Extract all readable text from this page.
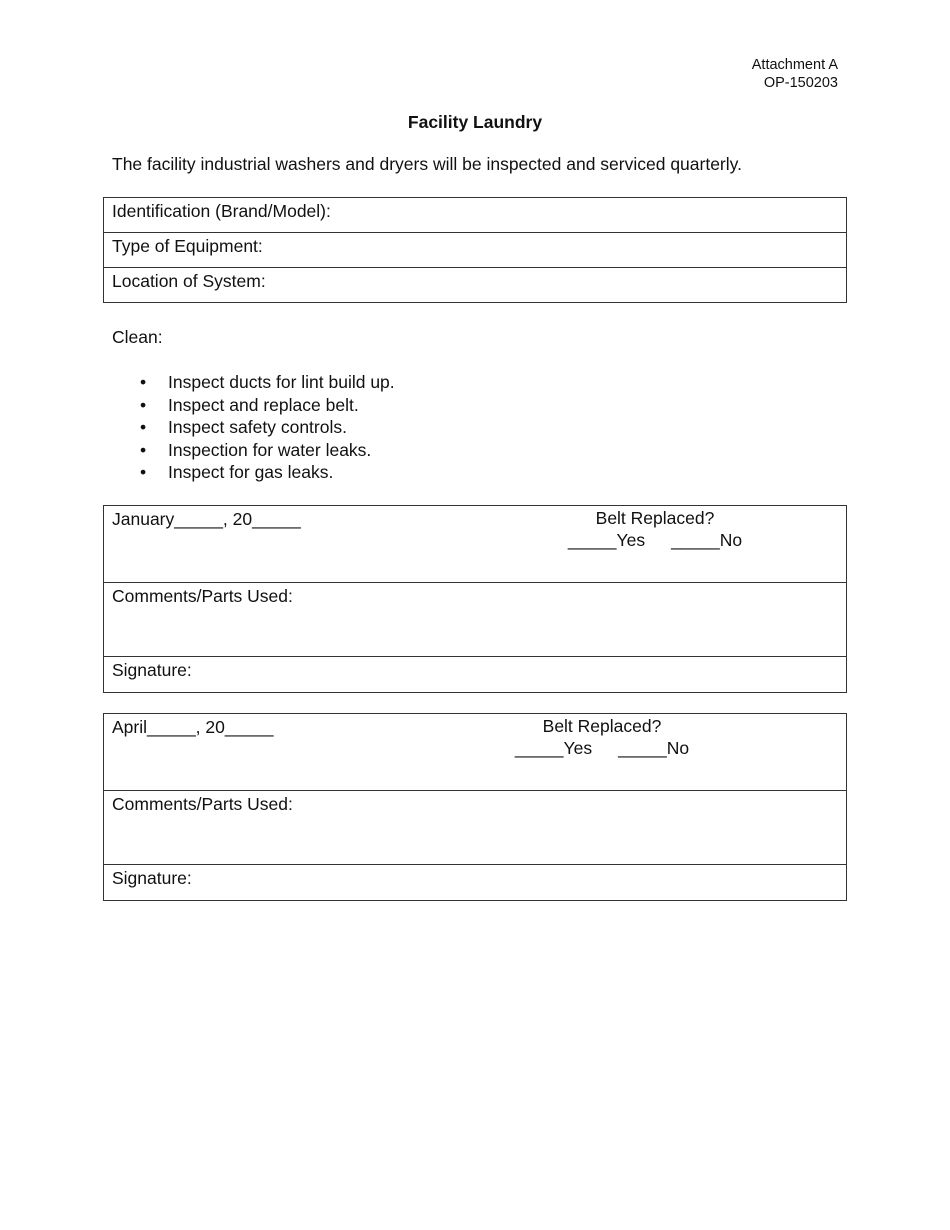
Attachment A
OP-150203
Facility Laundry
The facility industrial washers and dryers will be inspected and serviced quarterly.
Identification (Brand/Model):
Type of Equipment:
Location of System:
Clean:
• Inspect ducts for lint build up.
• Inspect and replace belt.
• Inspect safety controls.
• Inspection for water leaks.
• Inspect for gas leaks.
January_____, 20_____	Belt Replaced?
_____Yes _____No
Comments/Parts Used:
Signature:
April_____, 20_____	Belt Replaced?
_____Yes _____No
Comments/Parts Used:
Signature:
